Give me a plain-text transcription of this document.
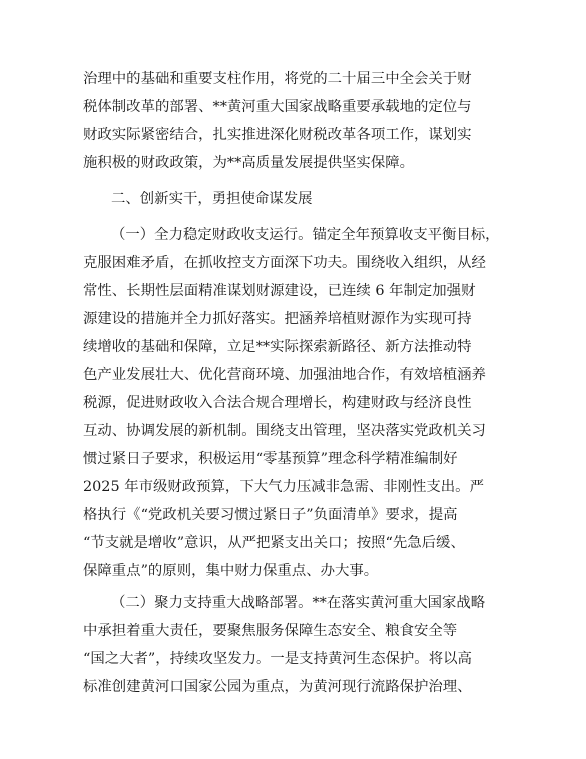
治理中的基础和重要支柱作用，将党的二十届三中全会关于财
税体制改革的部署、**黄河重大国家战略重要承载地的定位与
财政实际紧密结合，扎实推进深化财税改革各项工作，谋划实
施积极的财政政策，为**高质量发展提供坚实保障。
二、创新实干，勇担使命谋发展
（一）全力稳定财政收支运行。锚定全年预算收支平衡目标，
克服困难矛盾，在抓收控支方面深下功夫。围绕收入组织，从经
常性、长期性层面精准谋划财源建设，已连续 6 年制定加强财
源建设的措施并全力抓好落实。把涵养培植财源作为实现可持
续增收的基础和保障，立足**实际探索新路径、新方法推动特
色产业发展壮大、优化营商环境、加强油地合作，有效培植涵养
税源，促进财政收入合法合规合理增长，构建财政与经济良性
互动、协调发展的新机制。围绕支出管理，坚决落实党政机关习
惯过紧日子要求，积极运用“零基预算”理念科学精准编制好
2025 年市级财政预算，下大气力压减非急需、非刚性支出。严
格执行《“党政机关要习惯过紧日子”负面清单》要求，提高
“节支就是增收”意识，从严把紧支出关口；按照“先急后缓、
保障重点”的原则，集中财力保重点、办大事。
（二）聚力支持重大战略部署。**在落实黄河重大国家战略
中承担着重大责任，要聚焦服务保障生态安全、粮食安全等
“国之大者”，持续攻坚发力。一是支持黄河生态保护。将以高
标准创建黄河口国家公园为重点，为黄河现行流路保护治理、
